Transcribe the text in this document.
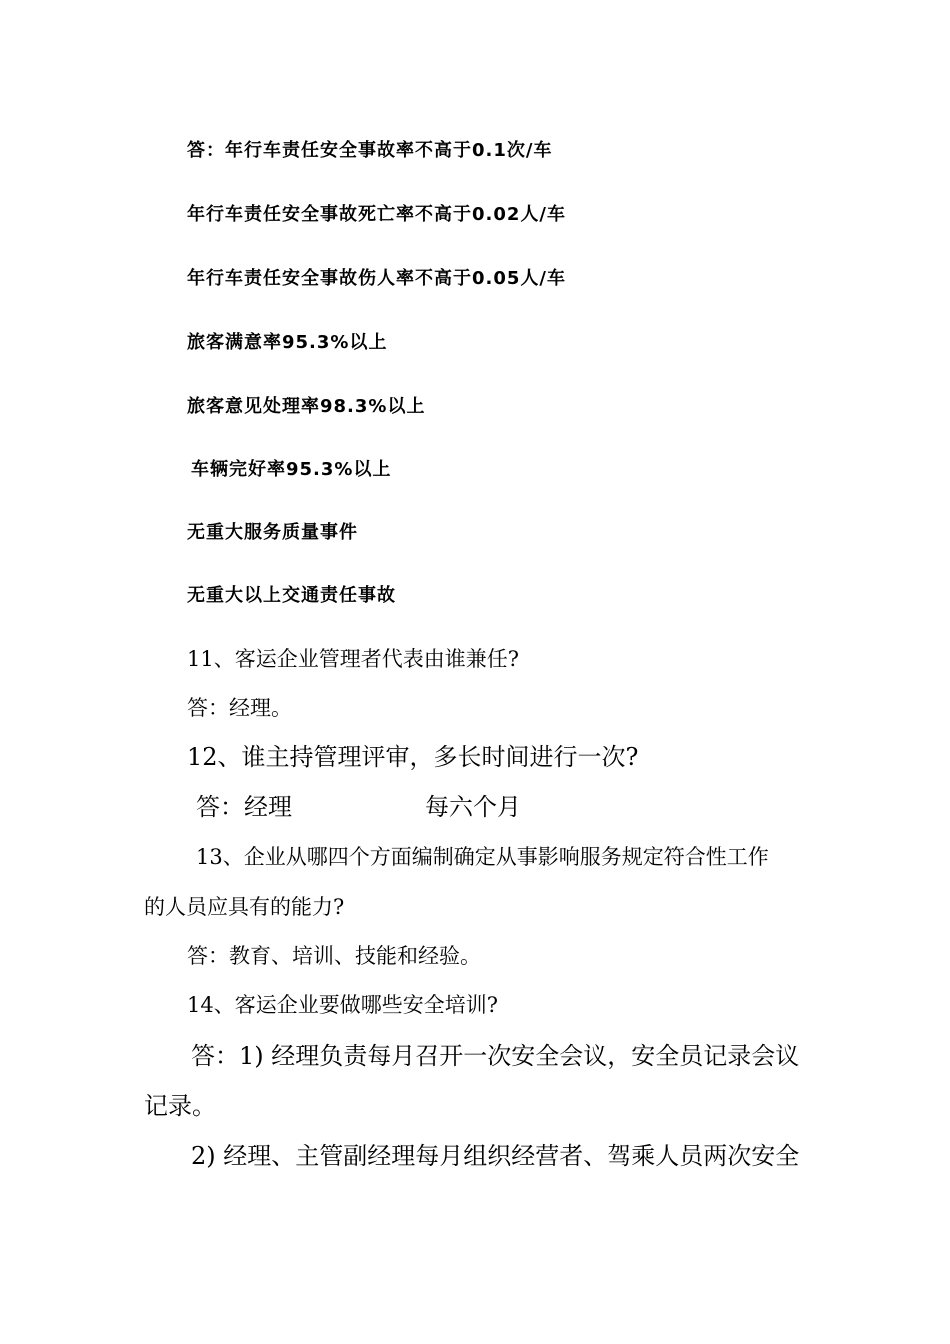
答：年行车责任安全事故率不高于0.1次/车
年行车责任安全事故死亡率不高于0.02人/车
年行车责任安全事故伤人率不高于0.05人/车
旅客满意率95.3%以上
旅客意见处理率98.3%以上
车辆完好率95.3%以上
无重大服务质量事件
无重大以上交通责任事故
11、客运企业管理者代表由谁兼任?
答：经理。
12、谁主持管理评审，多长时间进行一次?
答：经理	每六个月
13、企业从哪四个方面编制确定从事影响服务规定符合性工作
的人员应具有的能力?
答：教育、培训、技能和经验。
14、客运企业要做哪些安全培训?
答：1) 经理负责每月召开一次安全会议，安全员记录会议
记录。
2) 经理、主管副经理每月组织经营者、驾乘人员两次安全
